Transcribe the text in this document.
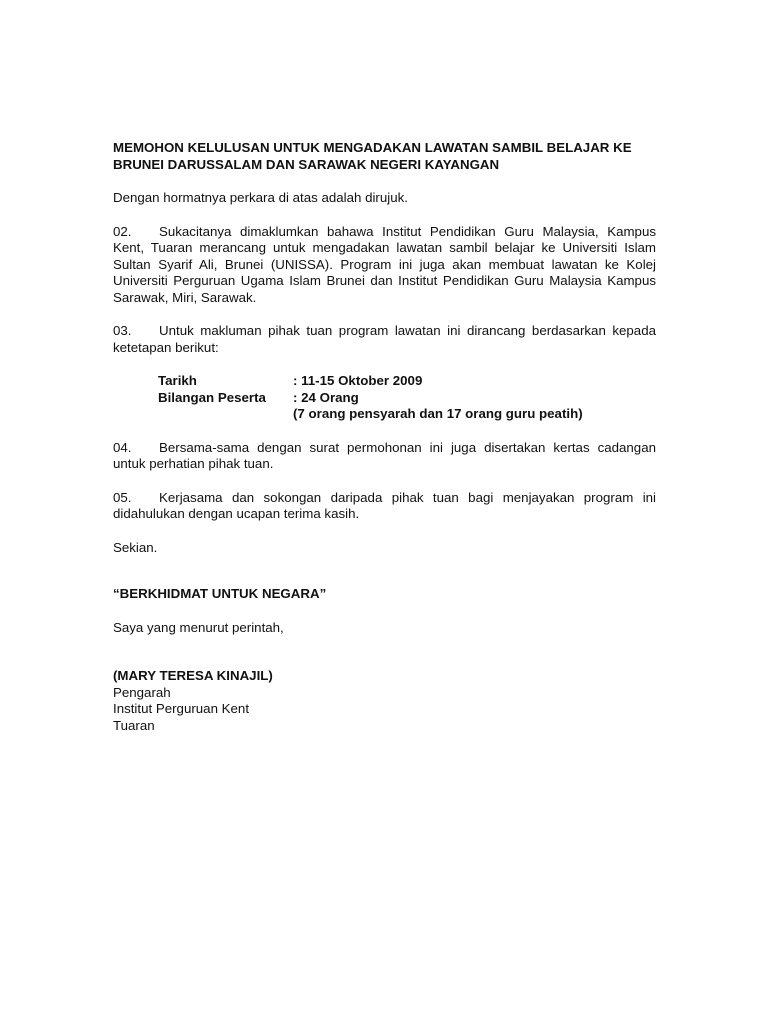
MEMOHON KELULUSAN UNTUK MENGADAKAN LAWATAN SAMBIL BELAJAR KE

BRUNEI DARUSSALAM DAN SARAWAK NEGERI KAYANGAN

Dengan hormatnya perkara di atas adalah dirujuk.

02. Sukacitanya dimaklumkan bahawa Institut Pendidikan Guru Malaysia, Kampus Kent, Tuaran merancang untuk mengadakan lawatan sambil belajar ke Universiti Islam Sultan Syarif Ali, Brunei (UNISSA). Program ini juga akan membuat lawatan ke Kolej Universiti Perguruan Ugama Islam Brunei dan Institut Pendidikan Guru Malaysia Kampus Sarawak, Miri, Sarawak.

03. Untuk makluman pihak tuan program lawatan ini dirancang berdasarkan kepada ketetapan berikut:

Tarikh	: 11-15 Oktober 2009
Bilangan Peserta	: 24 Orang
(7 orang pensyarah dan 17 orang guru peatih)

04. Bersama-sama dengan surat permohonan ini juga disertakan kertas cadangan untuk perhatian pihak tuan.

05. Kerjasama dan sokongan daripada pihak tuan bagi menjayakan program ini didahulukan dengan ucapan terima kasih.

Sekian.

“BERKHIDMAT UNTUK NEGARA”

Saya yang menurut perintah,

(MARY TERESA KINAJIL)

Pengarah

Institut Perguruan Kent

Tuaran
